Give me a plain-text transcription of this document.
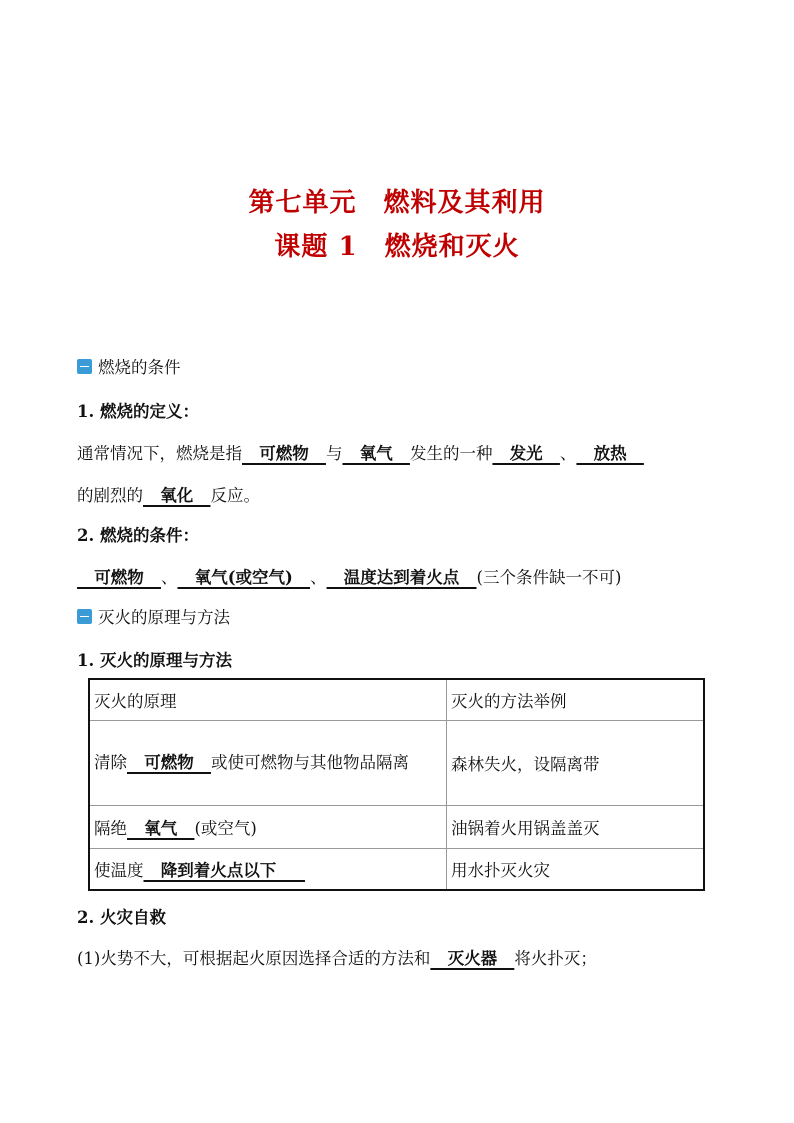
第七单元　燃料及其利用
课题 1　燃烧和灭火
燃烧的条件
1. 燃烧的定义：
通常情况下，燃烧是指   可燃物   与   氧气   发生的一种   发光   、   放热
的剧烈的   氧化   反应。
2. 燃烧的条件：
可燃物   、   氧气(或空气)   、   温度达到着火点   (三个条件缺一不可)
灭火的原理与方法
1. 灭火的原理与方法
灭火的原理	灭火的方法举例
清除   可燃物   或使可燃物与其他物品隔离	森林失火，设隔离带
隔绝   氧气   (或空气)	油锅着火用锅盖盖灭
使温度   降到着火点以下	用水扑灭火灾
2. 火灾自救
(1)火势不大，可根据起火原因选择合适的方法和   灭火器   将火扑灭；
